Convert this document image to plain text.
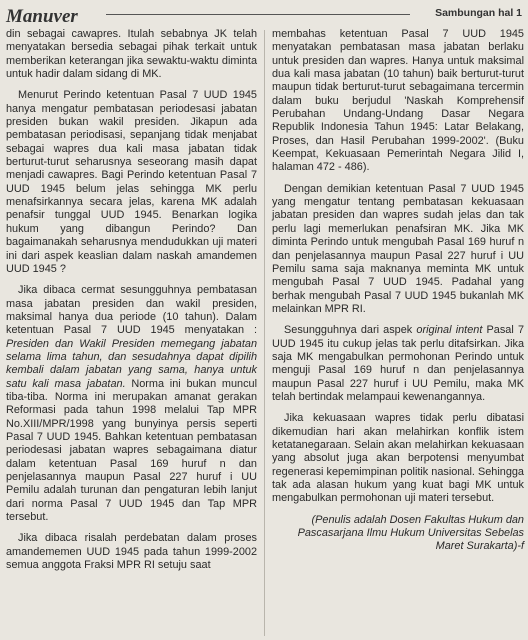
Manuver	Sambungan hal 1

din sebagai cawapres. Itulah sebabnya JK telah menyatakan bersedia sebagai pihak terkait untuk memberikan keterangan jika sewaktu-waktu diminta untuk hadir dalam sidang di MK.

Menurut Perindo ketentuan Pasal 7 UUD 1945 hanya mengatur pembatasan periodesasi jabatan presiden bukan wakil presiden. Jikapun ada pembatasan periodisasi, sepanjang tidak menjabat sebagai wapres dua kali masa jabatan tidak berturut-turut seharusnya seseorang masih dapat menjadi cawapres. Bagi Perindo ketentuan Pasal 7 UUD 1945 belum jelas sehingga MK perlu menafsirkannya secara jelas, karena MK adalah penafsir tunggal UUD 1945. Benarkan logika hukum yang dibangun Perindo? Dan bagaimanakah seharusnya mendudukkan uji materi ini dari aspek keaslian dalam naskah amandemen UUD 1945 ?

Jika dibaca cermat sesungguhnya pembatasan masa jabatan presiden dan wakil presiden, maksimal hanya dua periode (10 tahun). Dalam ketentuan Pasal 7 UUD 1945 menyatakan : Presiden dan Wakil Presiden memegang jabatan selama lima tahun, dan sesudahnya dapat dipilih kembali dalam jabatan yang sama, hanya untuk satu kali masa jabatan. Norma ini bukan muncul tiba-tiba. Norma ini merupakan amanat gerakan Reformasi pada tahun 1998 melalui Tap MPR No.XIII/MPR/1998 yang bunyinya persis seperti Pasal 7 UUD 1945. Bahkan ketentuan pembatasan periodesasi jabatan wapres sebagaimana diatur dalam ketentuan Pasal 169 huruf n dan penjelasannya maupun Pasal 227 huruf i UU Pemilu adalah turunan dan pengaturan lebih lanjut dari norma Pasal 7 UUD 1945 dan Tap MPR tersebut.

Jika dibaca risalah perdebatan dalam proses amandememen UUD 1945 pada tahun 1999-2002 semua anggota Fraksi MPR RI setuju saat

membahas ketentuan Pasal 7 UUD 1945 menyatakan pembatasan masa jabatan berlaku untuk presiden dan wapres. Hanya untuk maksimal dua kali masa jabatan (10 tahun) baik berturut-turut maupun tidak berturut-turut sebagaimana tercermin dalam buku berjudul 'Naskah Komprehensif Perubahan Undang-Undang Dasar Negara Republik Indonesia Tahun 1945: Latar Belakang, Proses, dan Hasil Perubahan 1999-2002'. (Buku Keempat, Kekuasaan Pemerintah Negara Jilid I, halaman 472 - 486).

Dengan demikian ketentuan Pasal 7 UUD 1945 yang mengatur tentang pembatasan kekuasaan jabatan presiden dan wapres sudah jelas dan tak perlu lagi memerlukan penafsiran MK. Jika MK diminta Perindo untuk mengubah Pasal 169 huruf n dan penjelasannya maupun Pasal 227 huruf i UU Pemilu sama saja maknanya meminta MK untuk mengubah Pasal 7 UUD 1945. Padahal yang berhak mengubah Pasal 7 UUD 1945 bukanlah MK melainkan MPR RI.

Sesungguhnya dari aspek original intent Pasal 7 UUD 1945 itu cukup jelas tak perlu ditafsirkan. Jika saja MK mengabulkan permohonan Perindo untuk menguji Pasal 169 huruf n dan penjelasannya maupun Pasal 227 huruf i UU Pemilu, maka MK telah bertindak melampaui kewenangannya.

Jika kekuasaan wapres tidak perlu dibatasi dikemudian hari akan melahirkan konflik istem ketatanegaraan. Selain akan melahirkan kekuasaan yang absolut juga akan berpotensi menyumbat regenerasi kepemimpinan politik nasional. Sehingga tak ada alasan hukum yang kuat bagi MK untuk mengabulkan permohonan uji materi tersebut.

(Penulis adalah Dosen Fakultas Hukum dan Pascasarjana Ilmu Hukum Universitas Sebelas Maret Surakarta)-f
